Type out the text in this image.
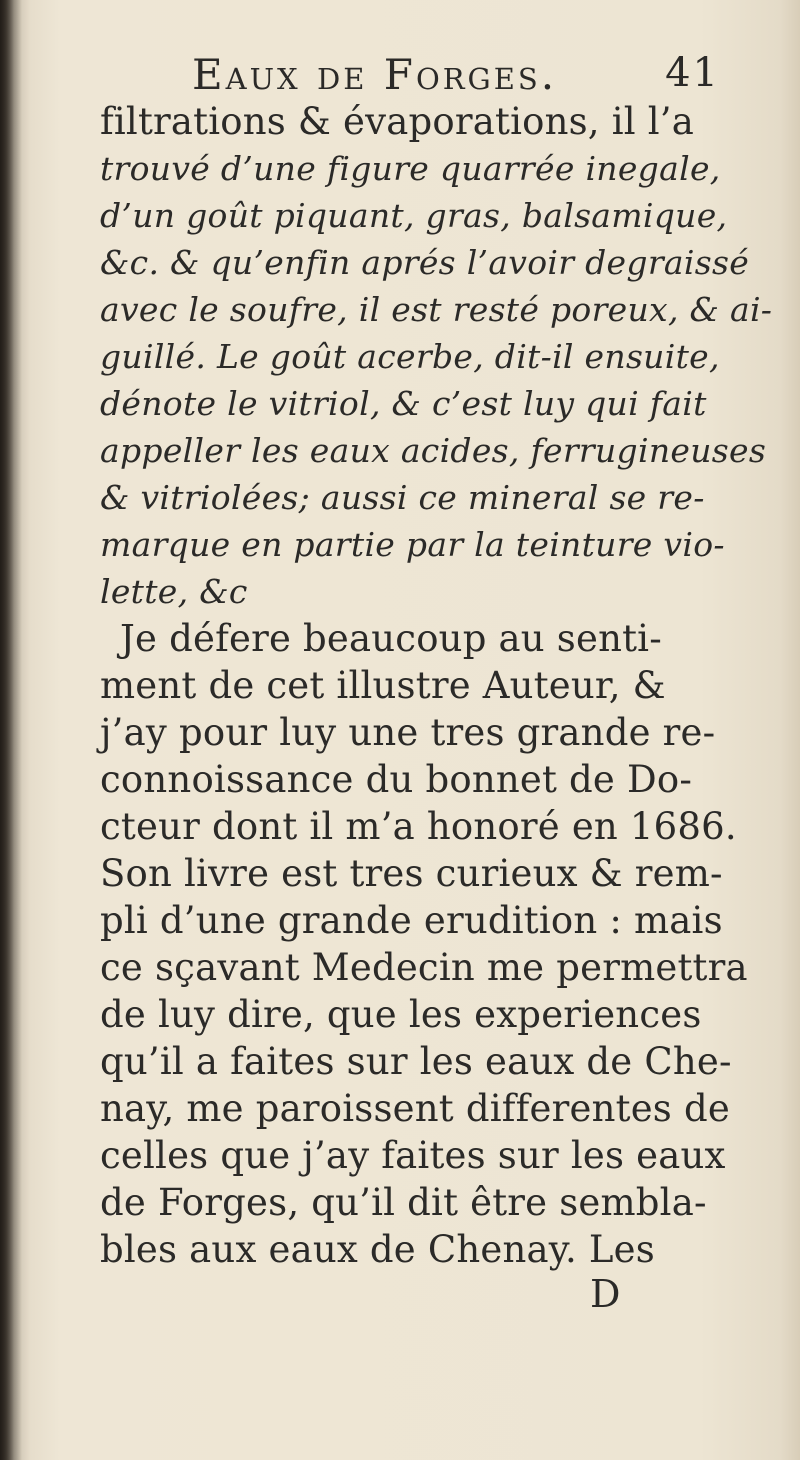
Eaux de Forges.	41
filtrations & évaporations, il l’a
trouvé d’une figure quarrée inegale,
d’un goût piquant, gras, balsamique,
&c. & qu’enfin aprés l’avoir degraissé
avec le soufre, il est resté poreux, & ai-
guillé. Le goût acerbe, dit-il ensuite,
dénote le vitriol, & c’est luy qui fait
appeller les eaux acides, ferrugineuses
& vitriolées; aussi ce mineral se re-
marque en partie par la teinture vio-
lette, &c
Je défere beaucoup au senti-
ment de cet illustre Auteur, &
j’ay pour luy une tres grande re-
connoissance du bonnet de Do-
cteur dont il m’a honoré en 1686.
Son livre est tres curieux & rem-
pli d’une grande erudition : mais
ce sçavant Medecin me permettra
de luy dire, que les experiences
qu’il a faites sur les eaux de Che-
nay, me paroissent differentes de
celles que j’ay faites sur les eaux
de Forges, qu’il dit être sembla-
bles aux eaux de Chenay. Les
D
